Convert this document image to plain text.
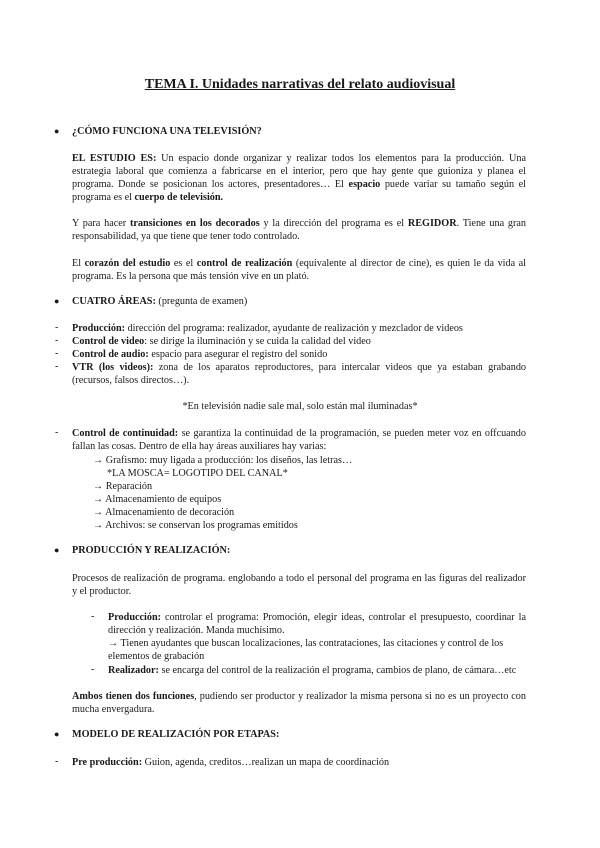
TEMA I. Unidades narrativas del relato audiovisual
● ¿CÓMO FUNCIONA UNA TELEVISIÓN?
EL ESTUDIO ES: Un espacio donde organizar y realizar todos los elementos para la producción. Una estrategia laboral que comienza a fabricarse en el interior, pero que hay gente que guioniza y planea el programa. Donde se posicionan los actores, presentadores… El espacio puede variar su tamaño según el programa es el cuerpo de televisión.
Y para hacer transiciones en los decorados y la dirección del programa es el REGIDOR. Tiene una gran responsabilidad, ya que tiene que tener todo controlado.
El corazón del estudio es el control de realización (equivalente al director de cine), es quien le da vida al programa. Es la persona que más tensión vive en un plató.
● CUATRO ÁREAS: (pregunta de examen)
- Producción: dirección del programa: realizador, ayudante de realización y mezclador de videos
- Control de video: se dirige la iluminación y se cuida la calidad del video
- Control de audio: espacio para asegurar el registro del sonido
- VTR (los videos): zona de los aparatos reproductores, para intercalar videos que ya estaban grabando (recursos, falsos directos…).
*En televisión nadie sale mal, solo están mal iluminadas*
- Control de continuidad: se garantiza la continuidad de la programación, se pueden meter voz en offcuando fallan las cosas. Dentro de ella hay áreas auxiliares hay varias:
→ Grafismo: muy ligada a producción: los diseños, las letras…
*LA MOSCA= LOGOTIPO DEL CANAL*
→ Reparación
→ Almacenamiento de equipos
→ Almacenamiento de decoración
→ Archivos: se conservan los programas emitidos
● PRODUCCIÓN Y REALIZACIÓN:
Procesos de realización de programa. englobando a todo el personal del programa en las figuras del realizador y el productor.
- Producción: controlar el programa: Promoción, elegir ideas, controlar el presupuesto, coordinar la dirección y realización. Manda muchísimo.
→ Tienen ayudantes que buscan localizaciones, las contrataciones, las citaciones y control de los elementos de grabación
- Realizador: se encarga del control de la realización el programa, cambios de plano, de cámara…etc
Ambos tienen dos funciones, pudiendo ser productor y realizador la misma persona si no es un proyecto con mucha envergadura.
● MODELO DE REALIZACIÓN POR ETAPAS:
- Pre producción: Guion, agenda, creditos…realizan un mapa de coordinación
